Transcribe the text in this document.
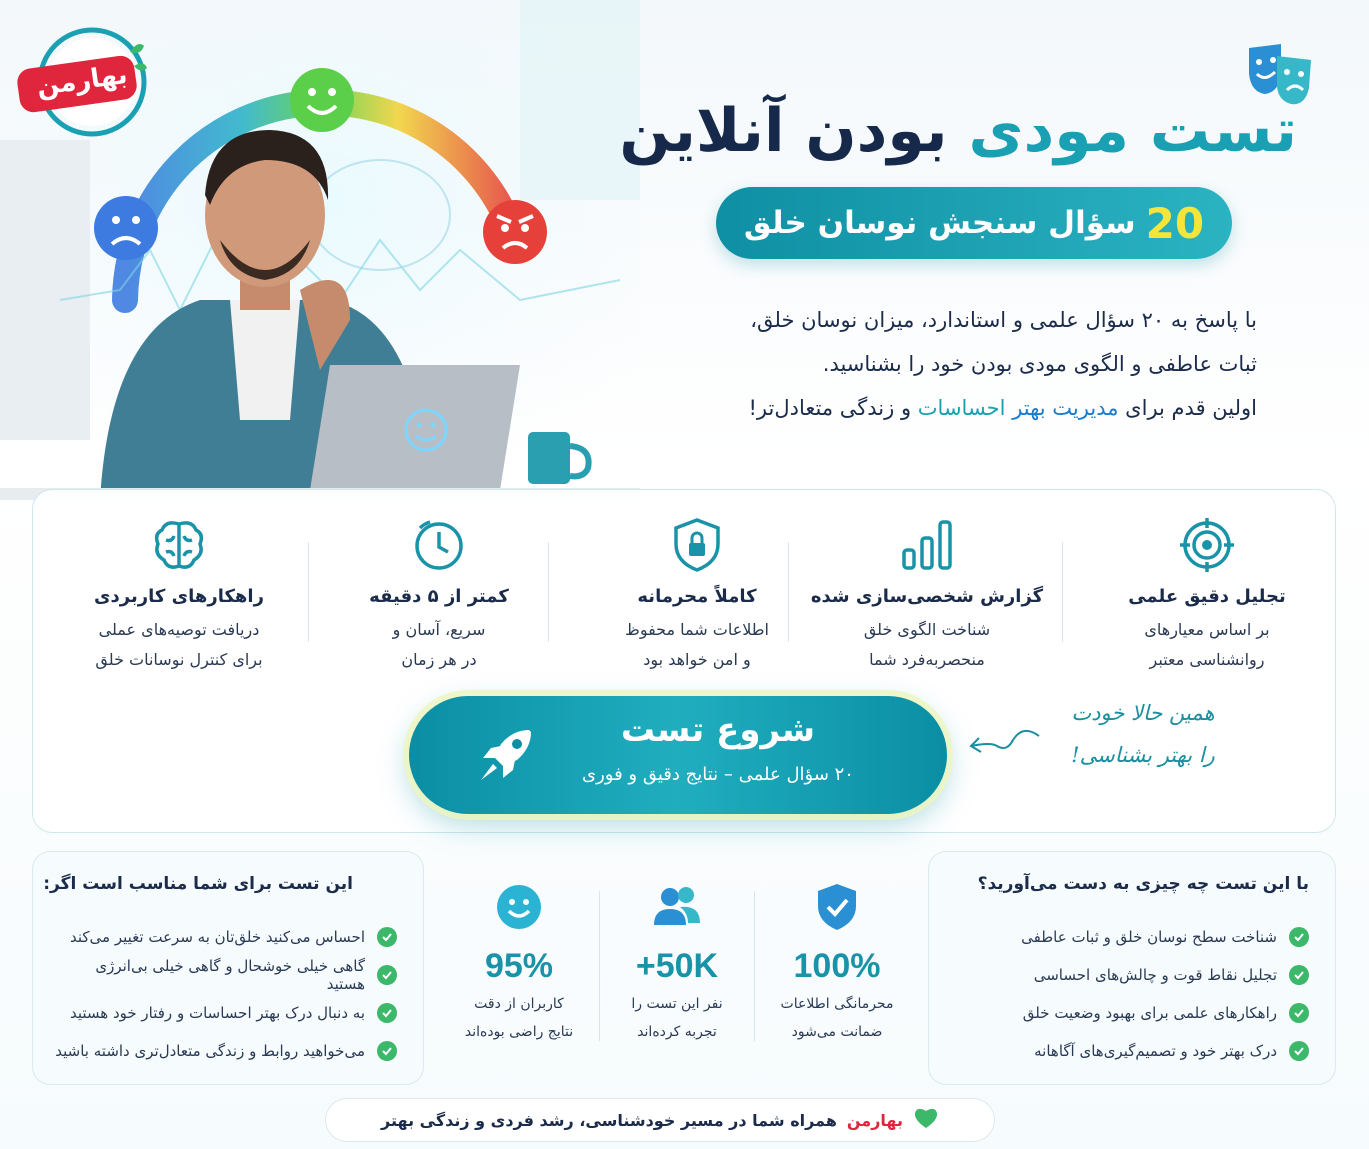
بهارمن
تست مودی بودن آنلاین
20
سؤال سنجش نوسان خلق
با پاسخ به ۲۰ سؤال علمی و استاندارد، میزان نوسان خلق،
ثبات عاطفی و الگوی مودی بودن خود را بشناسید.
اولین قدم برای مدیریت بهتر احساسات و زندگی متعادل‌تر!
تجلیل دقیق علمی
بر اساس معیارهای
روانشناسی معتبر
گزارش شخصی‌سازی شده
شناخت الگوی خلق
منحصربه‌فرد شما
کاملاً محرمانه
اطلاعات شما محفوظ
و امن خواهد بود
کمتر از ۵ دقیقه
سریع، آسان و
در هر زمان
راهکارهای کاربردی
دریافت توصیه‌های عملی
برای کنترل نوسانات خلق
شروع تست
۲۰ سؤال علمی – نتایج دقیق و فوری
همین حالا خودت
را بهتر بشناسی!
با این تست چه چیزی به دست می‌آورید؟
شناخت سطح نوسان خلق و ثبات عاطفی
تجلیل نقاط قوت و چالش‌های احساسی
راهکارهای علمی برای بهبود وضعیت خلق
درک بهتر خود و تصمیم‌گیری‌های آگاهانه
100%
محرمانگی اطلاعات
ضمانت می‌شود
50K+
نفر این تست را
تجربه کرده‌اند
95%
کاربران از دقت
نتایج راضی بوده‌اند
این تست برای شما مناسب است اگر:
احساس می‌کنید خلق‌تان به سرعت تغییر می‌کند
گاهی خیلی خوشحال و گاهی خیلی بی‌انرژی هستید
به دنبال درک بهتر احساسات و رفتار خود هستید
می‌خواهید روابط و زندگی متعادل‌تری داشته باشید
بهارمن
همراه شما در مسیر خودشناسی، رشد فردی و زندگی بهتر
